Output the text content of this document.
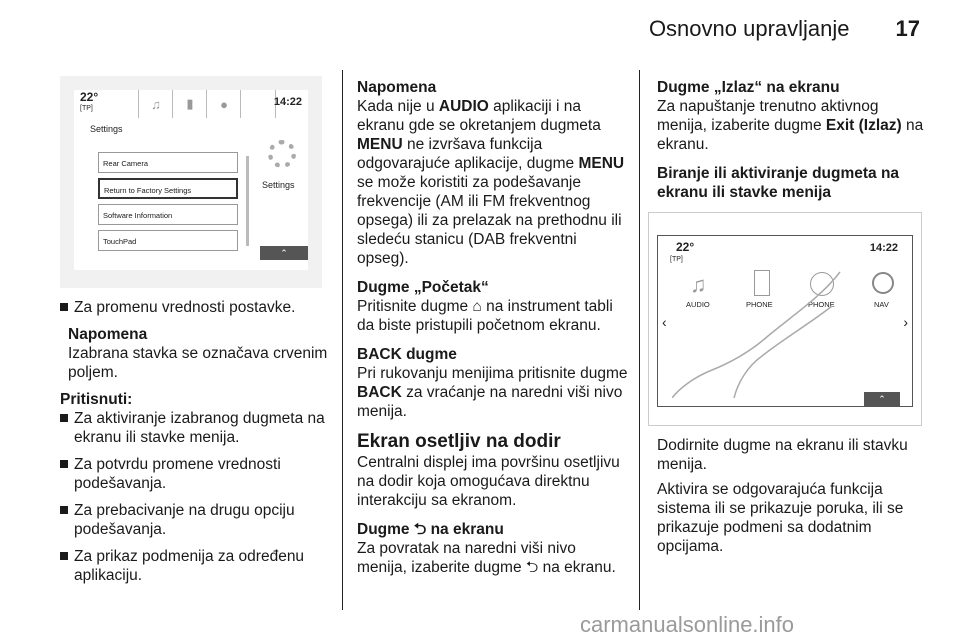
Osnovno upravljanje 17
22°
[TP]	♫	▮	●	14:22
Settings
Rear Camera
Return to Factory Settings
Software Information
TouchPad
Settings
⌃
Za promenu vrednosti postavke.
Napomena
Izabrana stavka se označava crvenim poljem.
Pritisnuti:
Za aktiviranje izabranog dugmeta na ekranu ili stavke menija.
Za potvrdu promene vrednosti podešavanja.
Za prebacivanje na drugu opciju podešavanja.
Za prikaz podmenija za određenu aplikaciju.
Napomena

Kada nije u AUDIO aplikaciji i na ekranu gde se okretanjem dugmeta MENU ne izvršava funkcija odgovarajuće aplikacije, dugme MENU se može koristiti za podešavanje frekvencije (AM ili FM frekventnog opsega) ili za prelazak na prethodnu ili sledeću stanicu (DAB frekventni opseg).

Dugme „Početak“

Pritisnite dugme ⌂ na instrument tabli da biste pristupili početnom ekranu.

BACK dugme

Pri rukovanju menijima pritisnite dugme BACK za vraćanje na naredni viši nivo menija.

Ekran osetljiv na dodir

Centralni displej ima površinu osetljivu na dodir koja omogućava direktnu interakciju sa ekranom.

Dugme ⮌ na ekranu

Za povratak na naredni viši nivo menija, izaberite dugme ⮌ na ekranu.

Dugme „Izlaz“ na ekranu

Za napuštanje trenutno aktivnog menija, izaberite dugme Exit (Izlaz) na ekranu.

Biranje ili aktiviranje dugmeta na ekranu ili stavke menija
22°
[TP]
14:22
♫
AUDIO	PHONE	PHONE	NAV
‹	›
⌃

Dodirnite dugme na ekranu ili stavku menija.

Aktivira se odgovarajuća funkcija sistema ili se prikazuje poruka, ili se prikazuje podmeni sa dodatnim opcijama.

carmanualsonline.info
